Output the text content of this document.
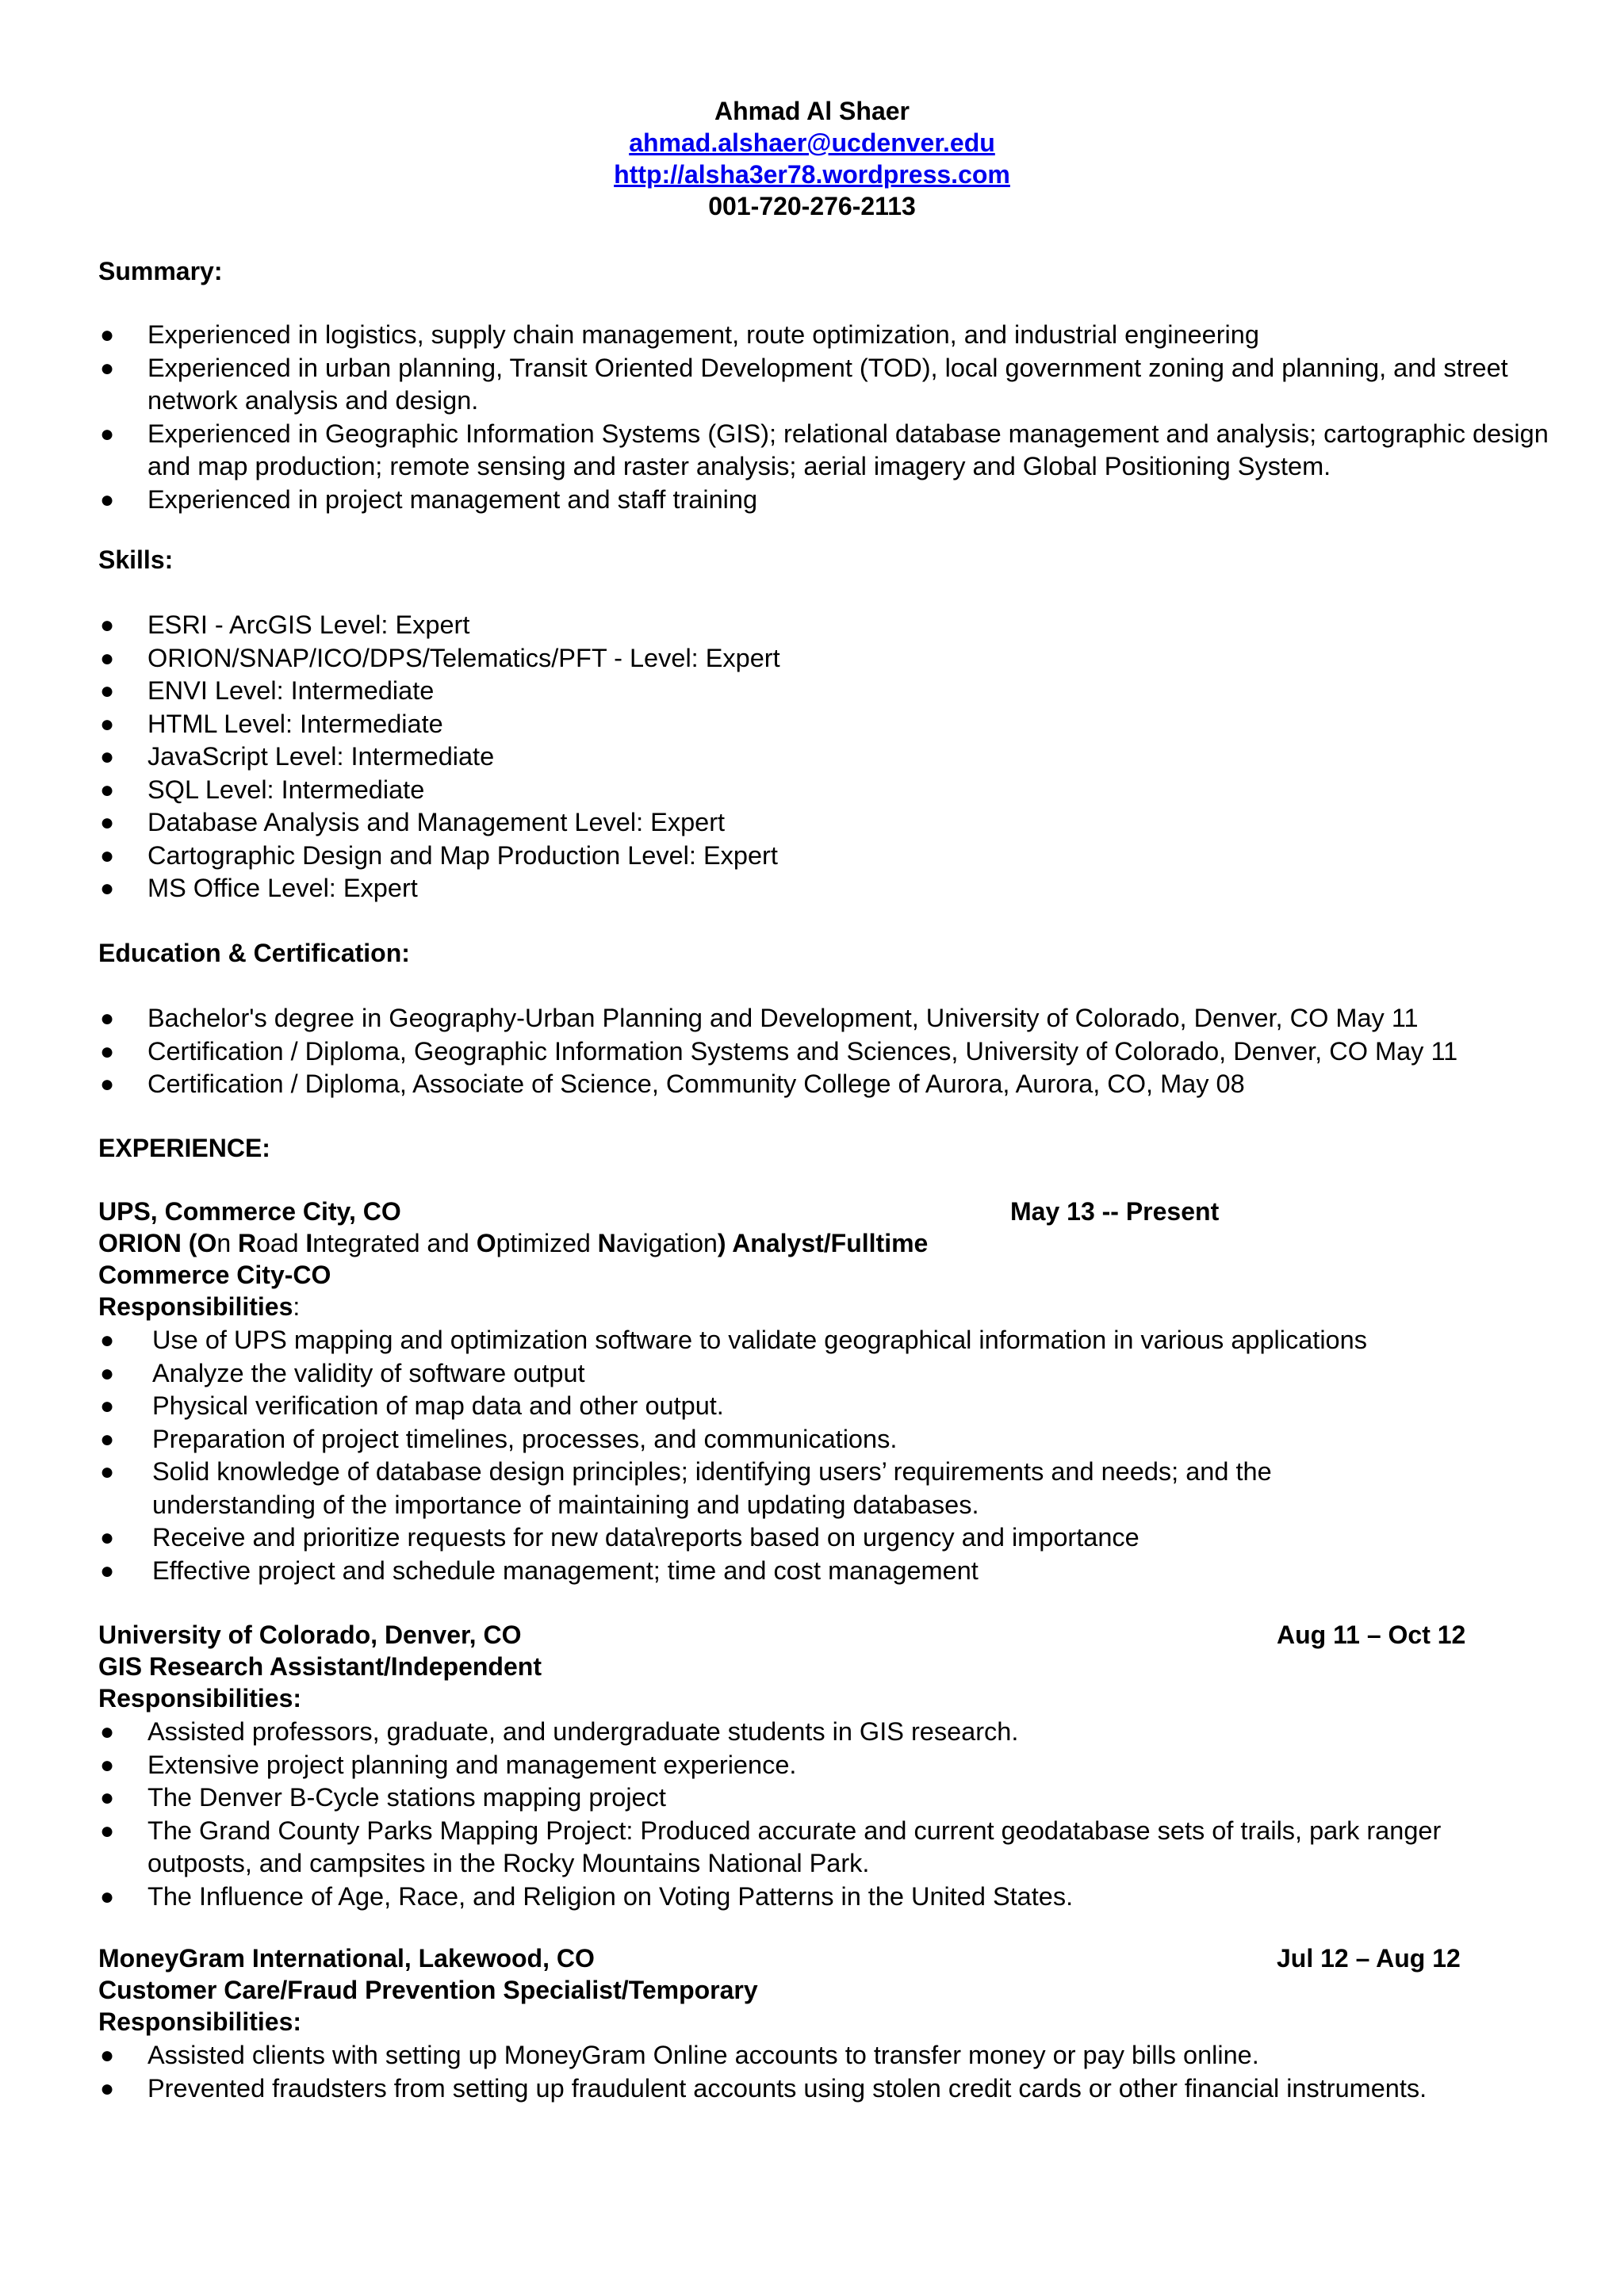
Ahmad Al Shaer
ahmad.alshaer@ucdenver.edu
http://alsha3er78.wordpress.com
001-720-276-2113
Summary:
● Experienced in logistics, supply chain management, route optimization, and industrial engineering
● Experienced in urban planning, Transit Oriented Development (TOD), local government zoning and planning, and street network analysis and design.
● Experienced in Geographic Information Systems (GIS); relational database management and analysis; cartographic design and map production; remote sensing and raster analysis; aerial imagery and Global Positioning System.
● Experienced in project management and staff training
Skills:
● ESRI - ArcGIS Level: Expert
● ORION/SNAP/ICO/DPS/Telematics/PFT - Level: Expert
● ENVI Level: Intermediate
● HTML Level: Intermediate
● JavaScript Level: Intermediate
● SQL Level: Intermediate
● Database Analysis and Management Level: Expert
● Cartographic Design and Map Production Level: Expert
● MS Office Level: Expert
Education & Certification:
● Bachelor's degree in Geography-Urban Planning and Development, University of Colorado, Denver, CO May 11
● Certification / Diploma, Geographic Information Systems and Sciences, University of Colorado, Denver, CO May 11
● Certification / Diploma, Associate of Science, Community College of Aurora, Aurora, CO, May 08
EXPERIENCE:
UPS, Commerce City, CO	May 13 -- Present
ORION (On Road Integrated and Optimized Navigation) Analyst/Fulltime
Commerce City-CO
Responsibilities:
● Use of UPS mapping and optimization software to validate geographical information in various applications
● Analyze the validity of software output
● Physical verification of map data and other output.
● Preparation of project timelines, processes, and communications.
● Solid knowledge of database design principles; identifying users’ requirements and needs; and the understanding of the importance of maintaining and updating databases.
● Receive and prioritize requests for new data\reports based on urgency and importance
● Effective project and schedule management; time and cost management
University of Colorado, Denver, CO	Aug 11 – Oct 12
GIS Research Assistant/Independent
Responsibilities:
● Assisted professors, graduate, and undergraduate students in GIS research.
● Extensive project planning and management experience.
● The Denver B-Cycle stations mapping project
● The Grand County Parks Mapping Project: Produced accurate and current geodatabase sets of trails, park ranger outposts, and campsites in the Rocky Mountains National Park.
● The Influence of Age, Race, and Religion on Voting Patterns in the United States.
MoneyGram International, Lakewood, CO	Jul 12 – Aug 12
Customer Care/Fraud Prevention Specialist/Temporary
Responsibilities:
● Assisted clients with setting up MoneyGram Online accounts to transfer money or pay bills online.
● Prevented fraudsters from setting up fraudulent accounts using stolen credit cards or other financial instruments.
